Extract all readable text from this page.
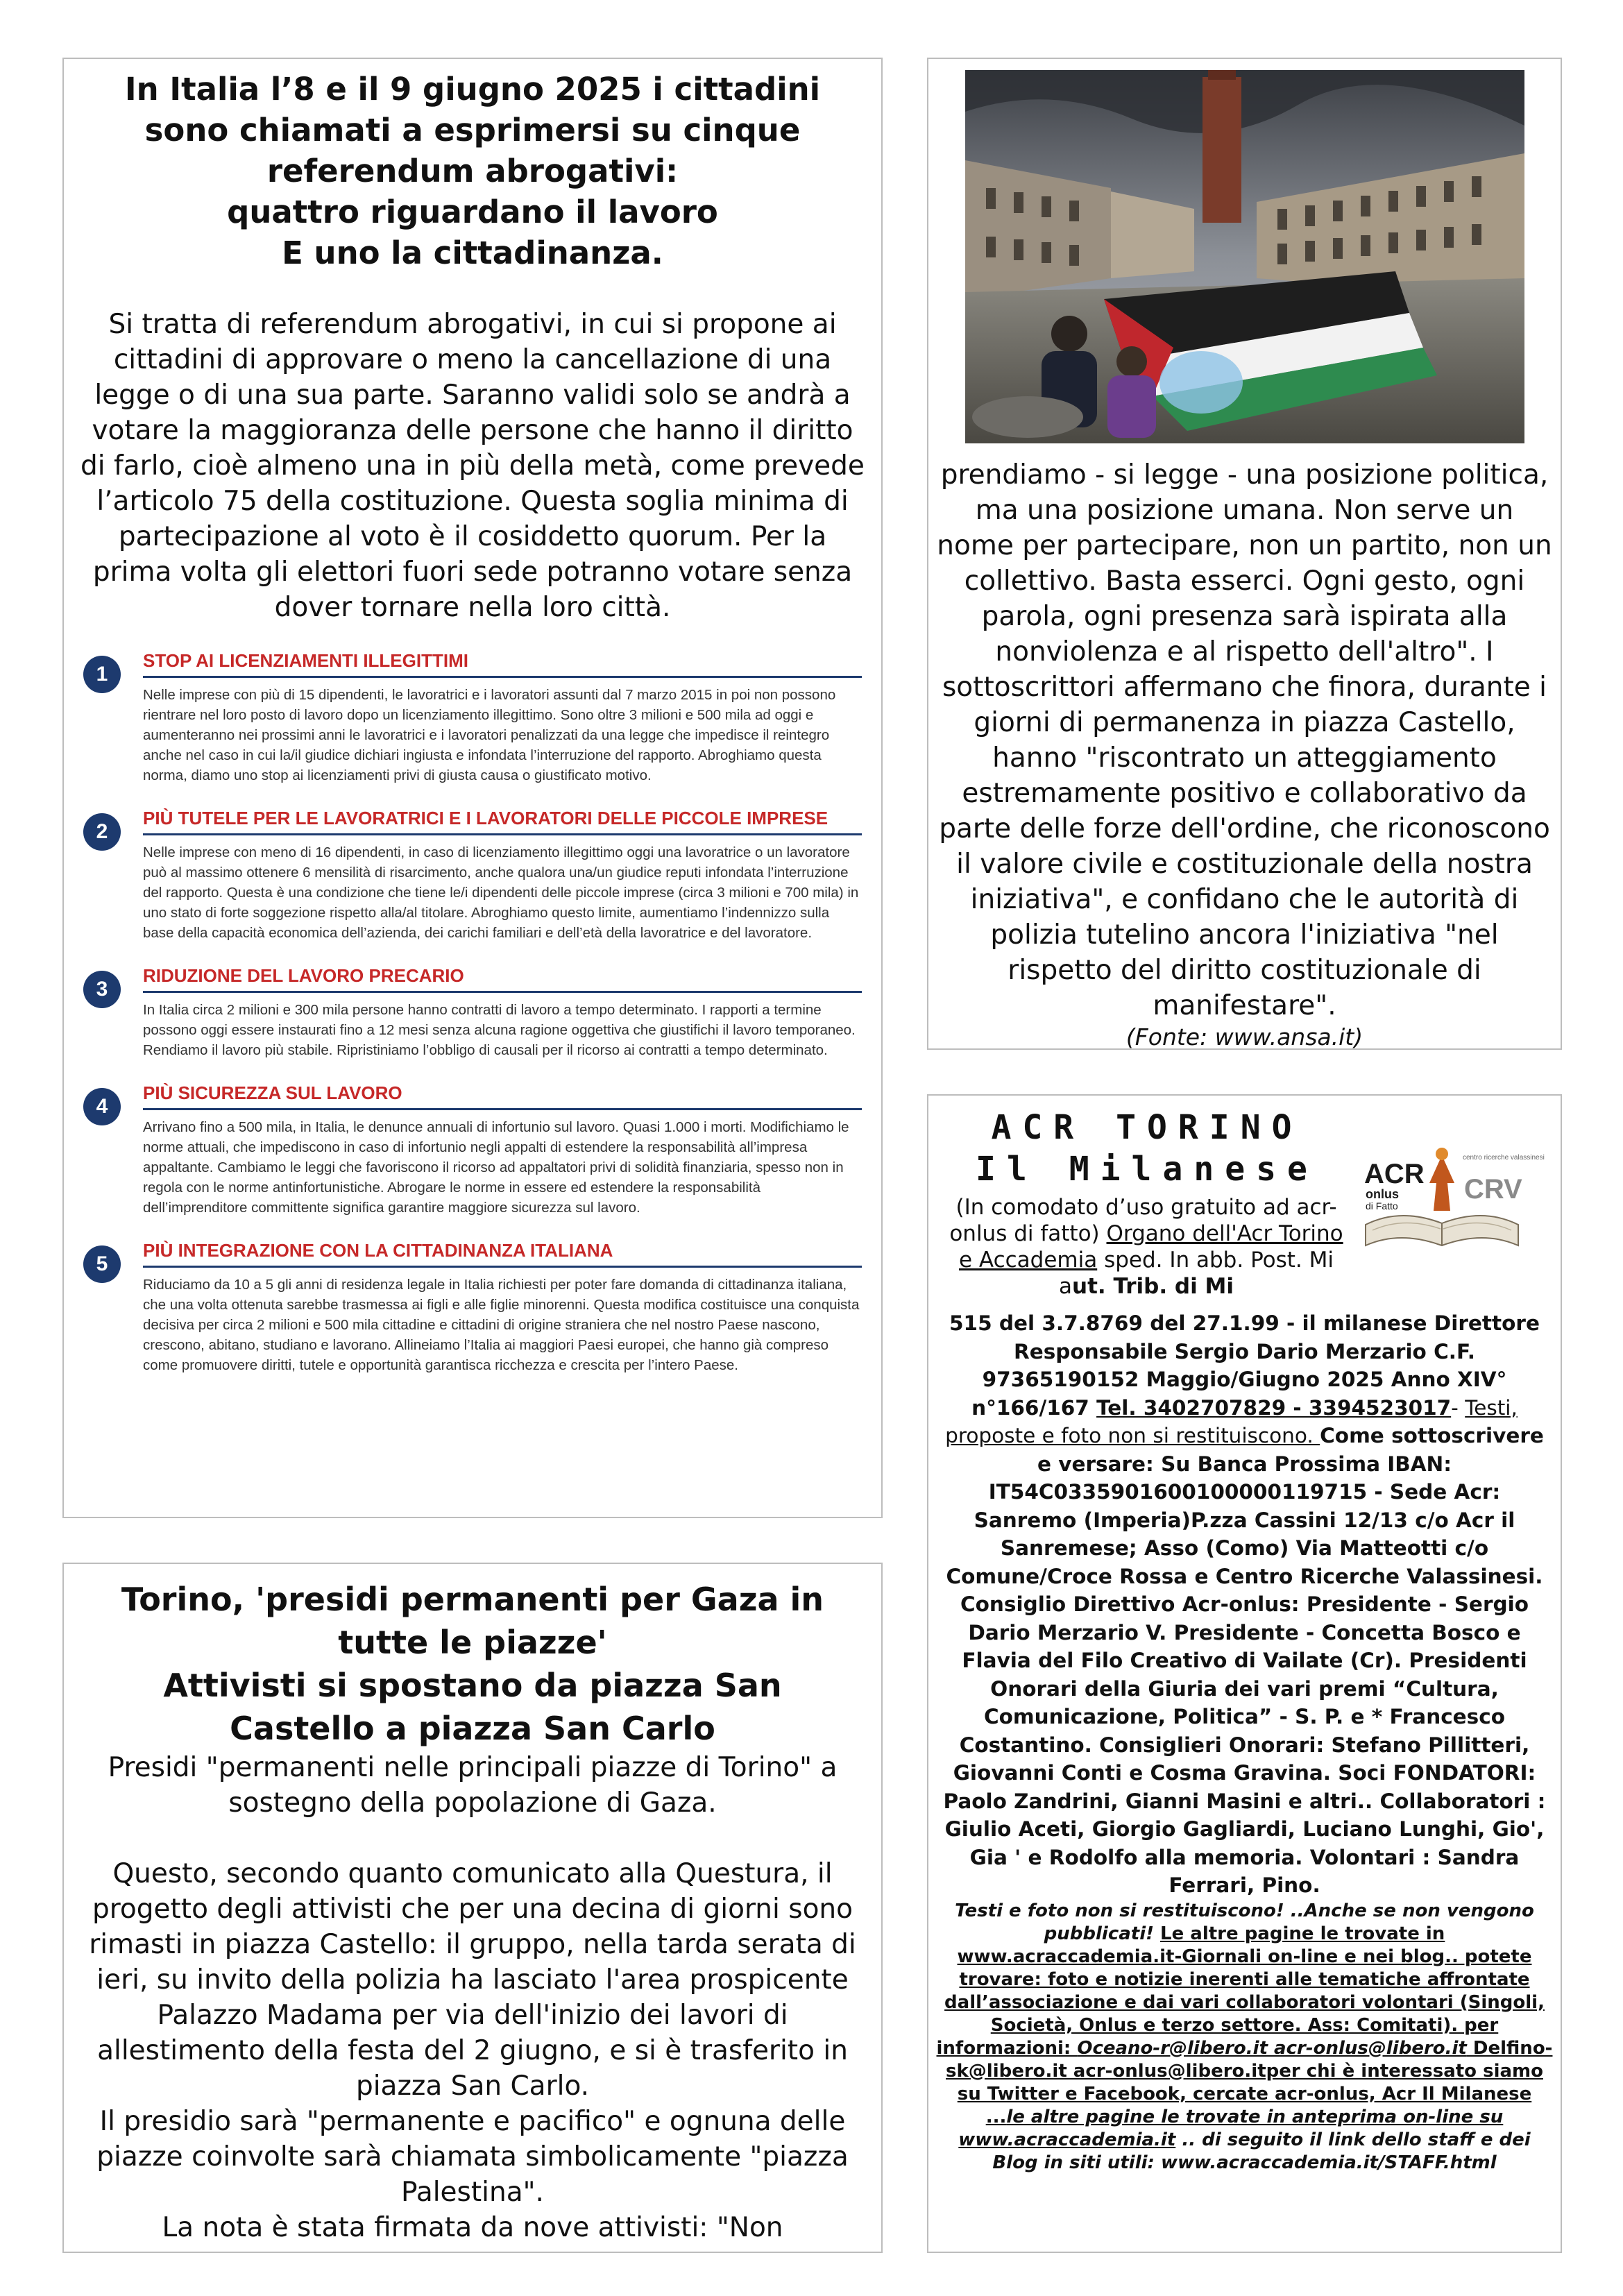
In Italia l’8 e il 9 giugno 2025 i cittadini
sono chiamati a esprimersi su cinque
referendum abrogativi:
quattro riguardano il lavoro
E uno la cittadinanza.
Si tratta di referendum abrogativi, in cui si propone ai cittadini di approvare o meno la cancellazione di una legge o di una sua parte. Saranno validi solo se andrà a votare la maggioranza delle persone che hanno il diritto di farlo, cioè almeno una in più della metà, come prevede l’articolo 75 della costituzione. Questa soglia minima di partecipazione al voto è il cosiddetto quorum. Per la prima volta gli elettori fuori sede potranno votare senza dover tornare nella loro città.
1
STOP AI LICENZIAMENTI ILLEGITTIMI
Nelle imprese con più di 15 dipendenti, le lavoratrici e i lavoratori assunti dal 7 marzo 2015 in poi non possono rientrare nel loro posto di lavoro dopo un licenziamento illegittimo. Sono oltre 3 milioni e 500 mila ad oggi e aumenteranno nei prossimi anni le lavoratrici e i lavoratori penalizzati da una legge che impedisce il reintegro anche nel caso in cui la/il giudice dichiari ingiusta e infondata l’interruzione del rapporto. Abroghiamo questa norma, diamo uno stop ai licenziamenti privi di giusta causa o giustificato motivo.
2
PIÙ TUTELE PER LE LAVORATRICI E I LAVORATORI DELLE PICCOLE IMPRESE
Nelle imprese con meno di 16 dipendenti, in caso di licenziamento illegittimo oggi una lavoratrice o un lavoratore può al massimo ottenere 6 mensilità di risarcimento, anche qualora una/un giudice reputi infondata l’interruzione del rapporto. Questa è una condizione che tiene le/i dipendenti delle piccole imprese (circa 3 milioni e 700 mila) in uno stato di forte soggezione rispetto alla/al titolare. Abroghiamo questo limite, aumentiamo l’indennizzo sulla base della capacità economica dell’azienda, dei carichi familiari e dell’età della lavoratrice e del lavoratore.
3
RIDUZIONE DEL LAVORO PRECARIO
In Italia circa 2 milioni e 300 mila persone hanno contratti di lavoro a tempo determinato. I rapporti a termine possono oggi essere instaurati fino a 12 mesi senza alcuna ragione oggettiva che giustifichi il lavoro temporaneo. Rendiamo il lavoro più stabile. Ripristiniamo l’obbligo di causali per il ricorso ai contratti a tempo determinato.
4
PIÙ SICUREZZA SUL LAVORO
Arrivano fino a 500 mila, in Italia, le denunce annuali di infortunio sul lavoro. Quasi 1.000 i morti. Modifichiamo le norme attuali, che impediscono in caso di infortunio negli appalti di estendere la responsabilità all’impresa appaltante. Cambiamo le leggi che favoriscono il ricorso ad appaltatori privi di solidità finanziaria, spesso non in regola con le norme antinfortunistiche. Abrogare le norme in essere ed estendere la responsabilità dell’imprenditore committente significa garantire maggiore sicurezza sul lavoro.
5
PIÙ INTEGRAZIONE CON LA CITTADINANZA ITALIANA
Riduciamo da 10 a 5 gli anni di residenza legale in Italia richiesti per poter fare domanda di cittadinanza italiana, che una volta ottenuta sarebbe trasmessa ai figli e alle figlie minorenni. Questa modifica costituisce una conquista decisiva per circa 2 milioni e 500 mila cittadine e cittadini di origine straniera che nel nostro Paese nascono, crescono, abitano, studiano e lavorano. Allineiamo l’Italia ai maggiori Paesi europei, che hanno già compreso come promuovere diritti, tutele e opportunità garantisca ricchezza e crescita per l’intero Paese.
Torino, 'presidi permanenti per Gaza in
tutte le piazze'
Attivisti si spostano da piazza San
Castello a piazza San Carlo
Presidi "permanenti nelle principali piazze di Torino" a sostegno della popolazione di Gaza.
Questo, secondo quanto comunicato alla Questura, il progetto degli attivisti che per una decina di giorni sono rimasti in piazza Castello: il gruppo, nella tarda serata di ieri, su invito della polizia ha lasciato l'area prospicente Palazzo Madama per via dell'inizio dei lavori di allestimento della festa del 2 giugno, e si è trasferito in piazza San Carlo.
Il presidio sarà "permanente e pacifico" e ognuna delle piazze coinvolte sarà chiamata simbolicamente "piazza Palestina".
La nota è stata firmata da nove attivisti: "Non
prendiamo - si legge - una posizione politica, ma una posizione umana. Non serve un nome per partecipare, non un partito, non un collettivo. Basta esserci. Ogni gesto, ogni parola, ogni presenza sarà ispirata alla nonviolenza e al rispetto dell'altro". I sottoscrittori affermano che finora, durante i giorni di permanenza in piazza Castello, hanno "riscontrato un atteggiamento estremamente positivo e collaborativo da parte delle forze dell'ordine, che riconoscono il valore civile e costituzionale della nostra iniziativa", e confidano che le autorità di polizia tutelino ancora l'iniziativa "nel rispetto del diritto costituzionale di manifestare".
(Fonte: www.ansa.it)
ACR TORINO
Il Milanese
(In comodato d’uso gratuito ad acr-onlus di fatto) Organo dell'Acr Torino e Accademia sped. In abb. Post. Mi aut. Trib. di Mi
ACR
onlus
di Fatto
centro ricerche valassinesi
CRV
515 del 3.7.8769 del 27.1.99 - il milanese Direttore Responsabile Sergio Dario Merzario C.F. 97365190152 Maggio/Giugno 2025 Anno XIV° n°166/167 Tel. 3402707829 - 3394523017- Testi, proposte e foto non si restituiscono. Come sottoscrivere e versare: Su Banca Prossima IBAN: IT54C0335901600100000119715 - Sede Acr: Sanremo (Imperia)P.zza Cassini 12/13 c/o Acr il Sanremese; Asso (Como) Via Matteotti c/o Comune/Croce Rossa e Centro Ricerche Valassinesi. Consiglio Direttivo Acr-onlus: Presidente - Sergio Dario Merzario V. Presidente - Concetta Bosco e Flavia del Filo Creativo di Vailate (Cr). Presidenti Onorari della Giuria dei vari premi “Cultura, Comunicazione, Politica” - S. P. e * Francesco Costantino. Consiglieri Onorari: Stefano Pillitteri, Giovanni Conti e Cosma Gravina. Soci FONDATORI: Paolo Zandrini, Gianni Masini e altri.. Collaboratori : Giulio Aceti, Giorgio Gagliardi, Luciano Lunghi, Gio', Gia ' e Rodolfo alla memoria. Volontari : Sandra Ferrari, Pino.
Testi e foto non si restituiscono! ..Anche se non vengono pubblicati! Le altre pagine le trovate in www.acraccademia.it-Giornali on-line e nei blog.. potete trovare: foto e notizie inerenti alle tematiche affrontate dall’associazione e dai vari collaboratori volontari (Singoli, Società, Onlus e terzo settore. Ass: Comitati). per informazioni: Oceano-r@libero.it acr-onlus@libero.it Delfino-sk@libero.it acr-onlus@libero.itper chi è interessato siamo su Twitter e Facebook, cercate acr-onlus, Acr Il Milanese ...le altre pagine le trovate in anteprima on-line su www.acraccademia.it .. di seguito il link dello staff e dei Blog in siti utili: www.acraccademia.it/STAFF.html
